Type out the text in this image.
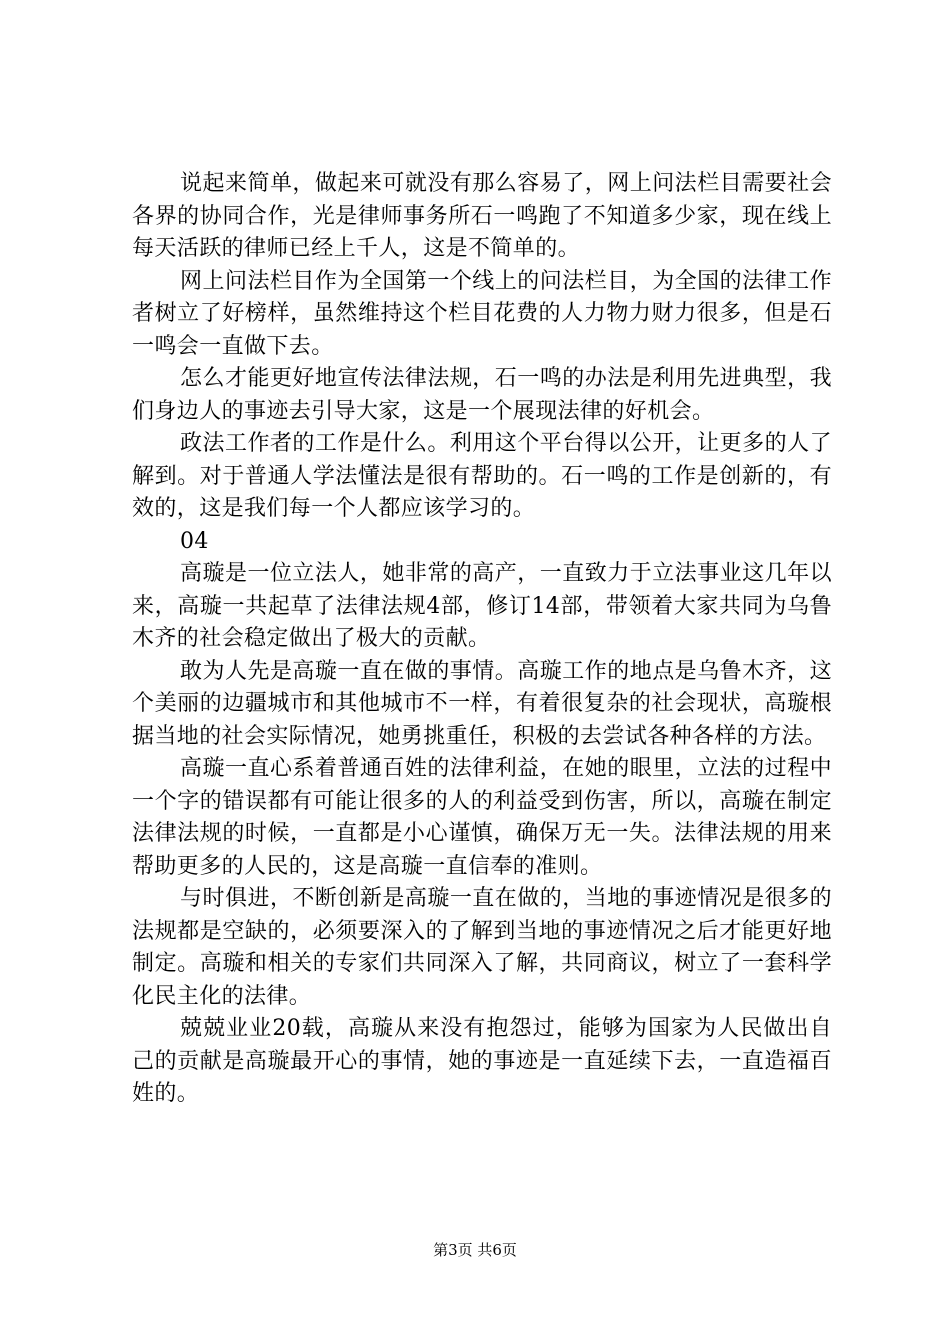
说起来简单，做起来可就没有那么容易了，网上问法栏目需要社会各界的协同合作，光是律师事务所石一鸣跑了不知道多少家，现在线上每天活跃的律师已经上千人，这是不简单的。

网上问法栏目作为全国第一个线上的问法栏目，为全国的法律工作者树立了好榜样，虽然维持这个栏目花费的人力物力财力很多，但是石一鸣会一直做下去。

怎么才能更好地宣传法律法规，石一鸣的办法是利用先进典型，我们身边人的事迹去引导大家，这是一个展现法律的好机会。

政法工作者的工作是什么。利用这个平台得以公开，让更多的人了解到。对于普通人学法懂法是很有帮助的。石一鸣的工作是创新的，有效的，这是我们每一个人都应该学习的。

04

高璇是一位立法人，她非常的高产，一直致力于立法事业这几年以来，高璇一共起草了法律法规4部，修订14部，带领着大家共同为乌鲁木齐的社会稳定做出了极大的贡献。

敢为人先是高璇一直在做的事情。高璇工作的地点是乌鲁木齐，这个美丽的边疆城市和其他城市不一样，有着很复杂的社会现状，高璇根据当地的社会实际情况，她勇挑重任，积极的去尝试各种各样的方法。

高璇一直心系着普通百姓的法律利益，在她的眼里，立法的过程中一个字的错误都有可能让很多的人的利益受到伤害，所以，高璇在制定法律法规的时候，一直都是小心谨慎，确保万无一失。法律法规的用来帮助更多的人民的，这是高璇一直信奉的准则。

与时俱进，不断创新是高璇一直在做的，当地的事迹情况是很多的法规都是空缺的，必须要深入的了解到当地的事迹情况之后才能更好地制定。高璇和相关的专家们共同深入了解，共同商议，树立了一套科学化民主化的法律。

兢兢业业20载，高璇从来没有抱怨过，能够为国家为人民做出自己的贡献是高璇最开心的事情，她的事迹是一直延续下去，一直造福百姓的。

第3页 共6页
